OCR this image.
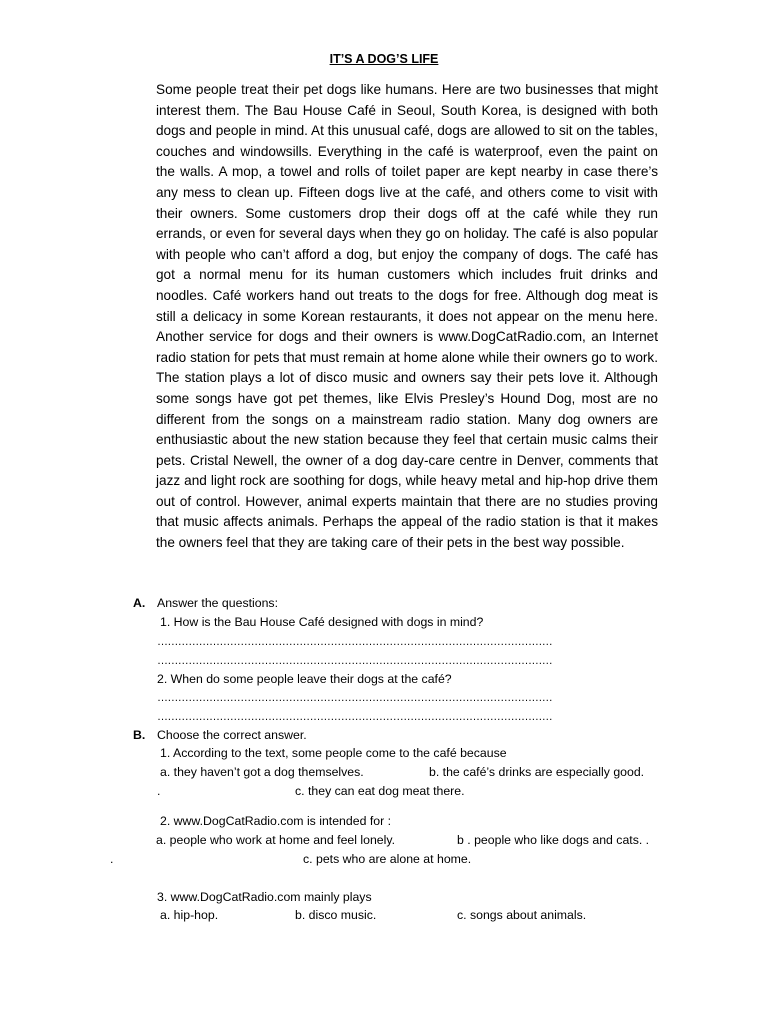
IT’S A DOG’S LIFE
Some people treat their pet dogs like humans. Here are two businesses that might interest them. The Bau House Café in Seoul, South Korea, is designed with both dogs and people in mind. At this unusual café, dogs are allowed to sit on the tables, couches and windowsills. Everything in the café is waterproof, even the paint on the walls. A mop, a towel and rolls of toilet paper are kept nearby in case there’s any mess to clean up. Fifteen dogs live at the café, and others come to visit with their owners. Some customers drop their dogs off at the café while they run errands, or even for several days when they go on holiday. The café is also popular with people who can’t afford a dog, but enjoy the company of dogs. The café has got a normal menu for its human customers which includes fruit drinks and noodles. Café workers hand out treats to the dogs for free. Although dog meat is still a delicacy in some Korean restaurants, it does not appear on the menu here. Another service for dogs and their owners is www.DogCatRadio.com, an Internet radio station for pets that must remain at home alone while their owners go to work. The station plays a lot of disco music and owners say their pets love it. Although some songs have got pet themes, like Elvis Presley’s Hound Dog, most are no different from the songs on a mainstream radio station. Many dog owners are enthusiastic about the new station because they feel that certain music calms their pets. Cristal Newell, the owner of a dog day-care centre in Denver, comments that jazz and light rock are soothing for dogs, while heavy metal and hip-hop drive them out of control. However, animal experts maintain that there are no studies proving that music affects animals. Perhaps the appeal of the radio station is that it makes the owners feel that they are taking care of their pets in the best way possible.
A. Answer the questions:
1. How is the Bau House Café designed with dogs in mind?
……………………………………………………………………………………………………
……………………………………………………………………………………………………
2. When do some people leave their dogs at the café?
……………………………………………………………………………………………………
……………………………………………………………………………………………………
B. Choose the correct answer.
1. According to the text, some people come to the café because
a. they haven’t got a dog themselves.	b. the café’s drinks are especially good.
.	c. they can eat dog meat there.
2. www.DogCatRadio.com is intended for :
a. people who work at home and feel lonely.	b . people who like dogs and cats. .
.	c. pets who are alone at home.
3. www.DogCatRadio.com mainly plays
a. hip-hop.	b. disco music.	c. songs about animals.
